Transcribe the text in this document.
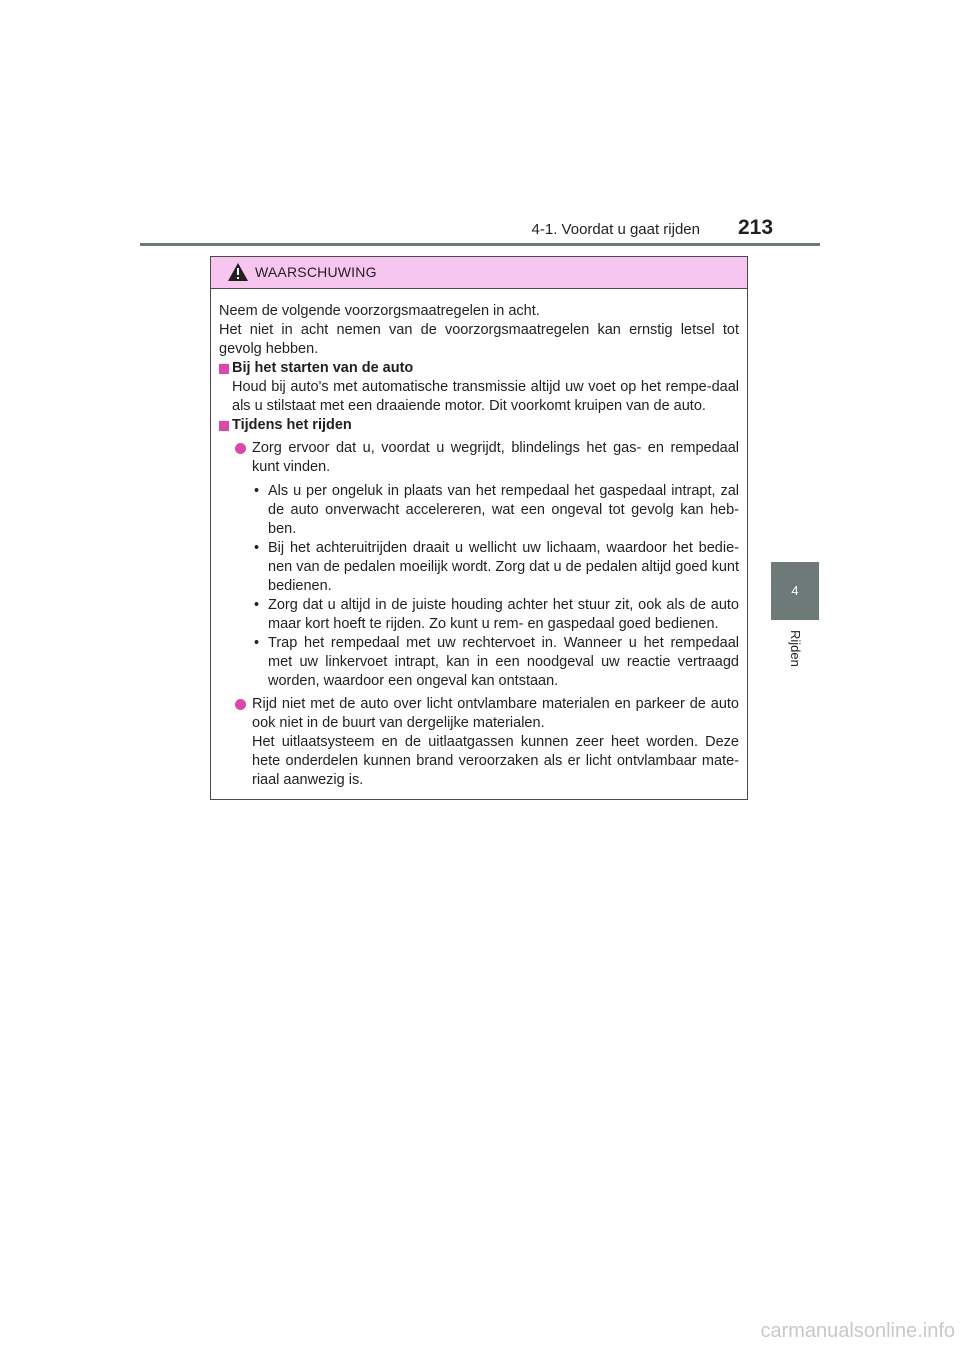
4-1. Voordat u gaat rijden 213
4
Rijden
WAARSCHUWING

Neem de volgende voorzorgsmaatregelen in acht.

Het niet in acht nemen van de voorzorgsmaatregelen kan ernstig letsel tot gevolg hebben.

Bij het starten van de auto

Houd bij auto's met automatische transmissie altijd uw voet op het rempe-daal als u stilstaat met een draaiende motor. Dit voorkomt kruipen van de auto.

Tijdens het rijden

Zorg ervoor dat u, voordat u wegrijdt, blindelings het gas- en rempedaal kunt vinden.

• Als u per ongeluk in plaats van het rempedaal het gaspedaal intrapt, zal de auto onverwacht accelereren, wat een ongeval tot gevolg kan heb-ben.

• Bij het achteruitrijden draait u wellicht uw lichaam, waardoor het bedie-nen van de pedalen moeilijk wordt. Zorg dat u de pedalen altijd goed kunt bedienen.

• Zorg dat u altijd in de juiste houding achter het stuur zit, ook als de auto maar kort hoeft te rijden. Zo kunt u rem- en gaspedaal goed bedienen.

• Trap het rempedaal met uw rechtervoet in. Wanneer u het rempedaal met uw linkervoet intrapt, kan in een noodgeval uw reactie vertraagd worden, waardoor een ongeval kan ontstaan.

Rijd niet met de auto over licht ontvlambare materialen en parkeer de auto ook niet in de buurt van dergelijke materialen.

Het uitlaatsysteem en de uitlaatgassen kunnen zeer heet worden. Deze hete onderdelen kunnen brand veroorzaken als er licht ontvlambaar mate-riaal aanwezig is.

carmanualsonline.info
